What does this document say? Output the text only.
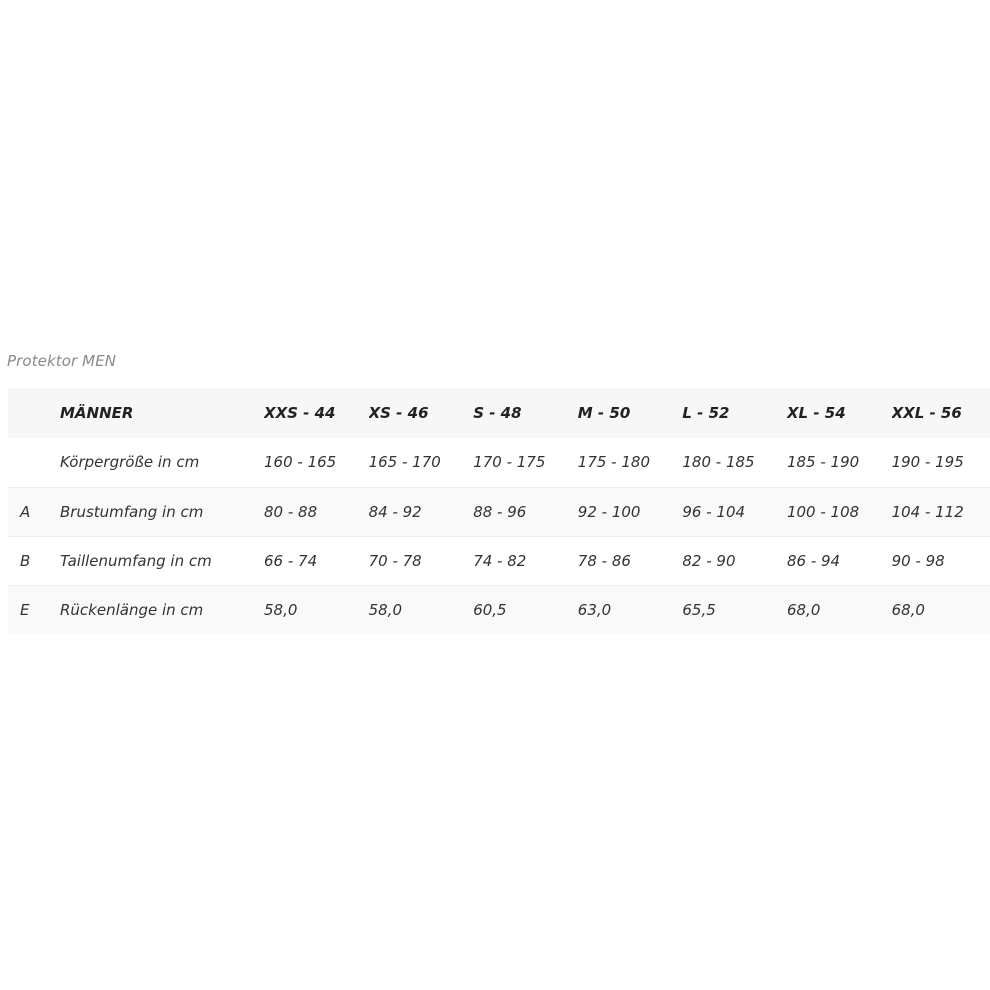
Protektor MEN
	MÄNNER	XXS - 44	XS - 46	S - 48	M - 50	L - 52	XL - 54	XXL - 56
	Körpergröße in cm	160 - 165	165 - 170	170 - 175	175 - 180	180 - 185	185 - 190	190 - 195
A	Brustumfang in cm	80 - 88	84 - 92	88 - 96	92 - 100	96 - 104	100 - 108	104 - 112
B	Taillenumfang in cm	66 - 74	70 - 78	74 - 82	78 - 86	82 - 90	86 - 94	90 - 98
E	Rückenlänge in cm	58,0	58,0	60,5	63,0	65,5	68,0	68,0
